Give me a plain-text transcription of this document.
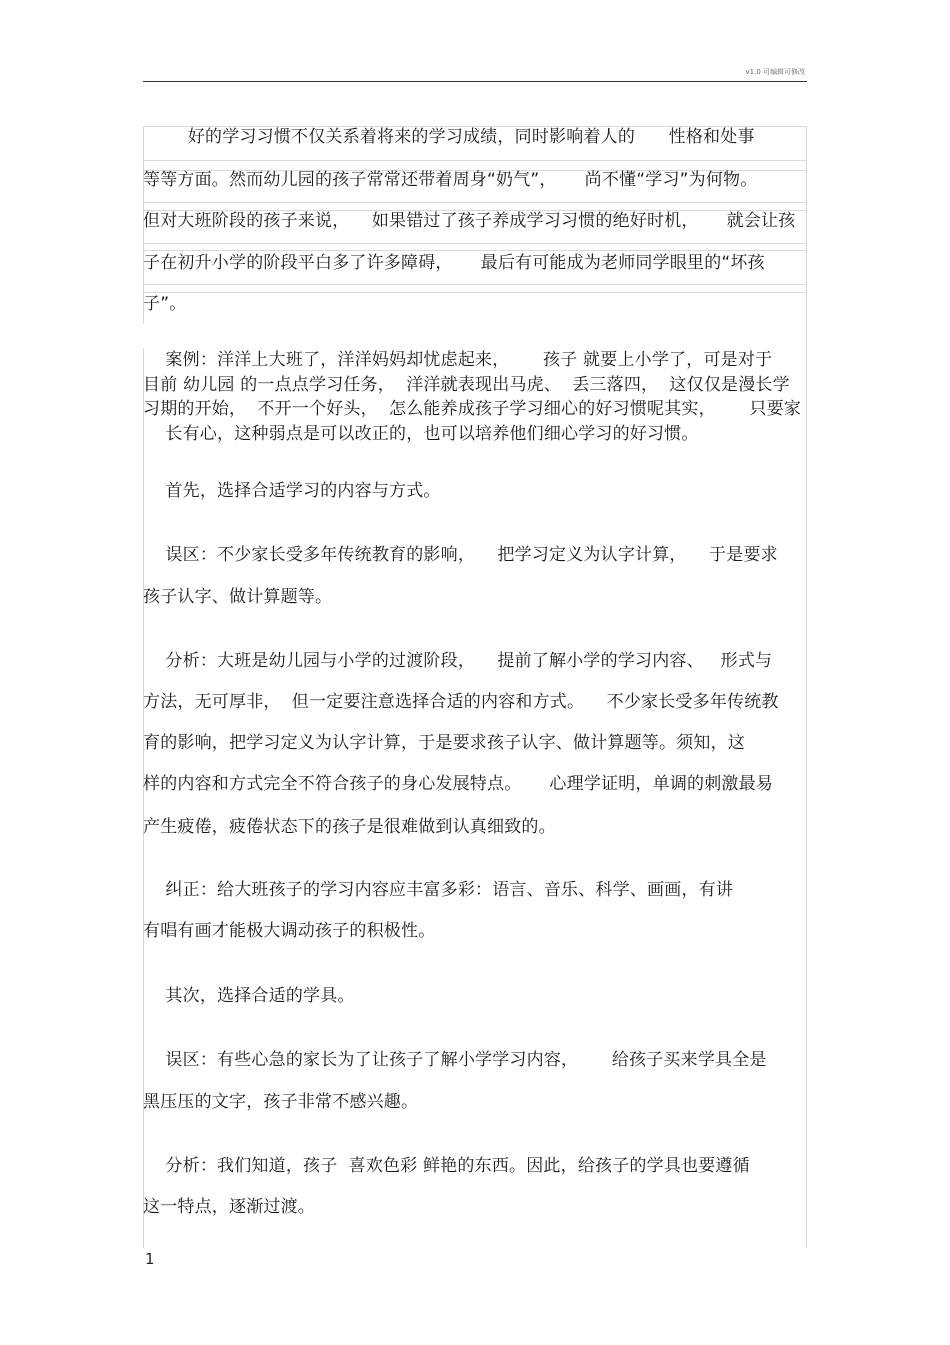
v1.0 可编辑可修改
好的学习习惯不仅关系着将来的学习成绩，同时影响着人的      性格和处事
等等方面。然而幼儿园的孩子常常还带着周身“奶气”，     尚不懂“学习”为何物。
但对大班阶段的孩子来说，    如果错过了孩子养成学习习惯的绝好时机，     就会让孩
子在初升小学的阶段平白多了许多障碍，     最后有可能成为老师同学眼里的“坏孩
子”。
案例：洋洋上大班了，洋洋妈妈却忧虑起来，      孩子 就要上小学了，可是对于
目前 幼儿园 的一点点学习任务，  洋洋就表现出马虎、  丢三落四，  这仅仅是漫长学
习期的开始，  不开一个好头，  怎么能养成孩子学习细心的好习惯呢其实，      只要家
长有心，这种弱点是可以改正的，也可以培养他们细心学习的好习惯。
首先，选择合适学习的内容与方式。
误区：不少家长受多年传统教育的影响，    把学习定义为认字计算，    于是要求
孩子认字、做计算题等。
分析：大班是幼儿园与小学的过渡阶段，    提前了解小学的学习内容、   形式与
方法，无可厚非，  但一定要注意选择合适的内容和方式。    不少家长受多年传统教
育的影响，把学习定义为认字计算，于是要求孩子认字、做计算题等。须知，这
样的内容和方式完全不符合孩子的身心发展特点。     心理学证明，单调的刺激最易
产生疲倦，疲倦状态下的孩子是很难做到认真细致的。
纠正：给大班孩子的学习内容应丰富多彩：语言、音乐、科学、画画，有讲
有唱有画才能极大调动孩子的积极性。
其次，选择合适的学具。
误区：有些心急的家长为了让孩子了解小学学习内容，      给孩子买来学具全是
黑压压的文字，孩子非常不感兴趣。
分析：我们知道，孩子  喜欢色彩 鲜艳的东西。因此，给孩子的学具也要遵循
这一特点，逐渐过渡。
1
